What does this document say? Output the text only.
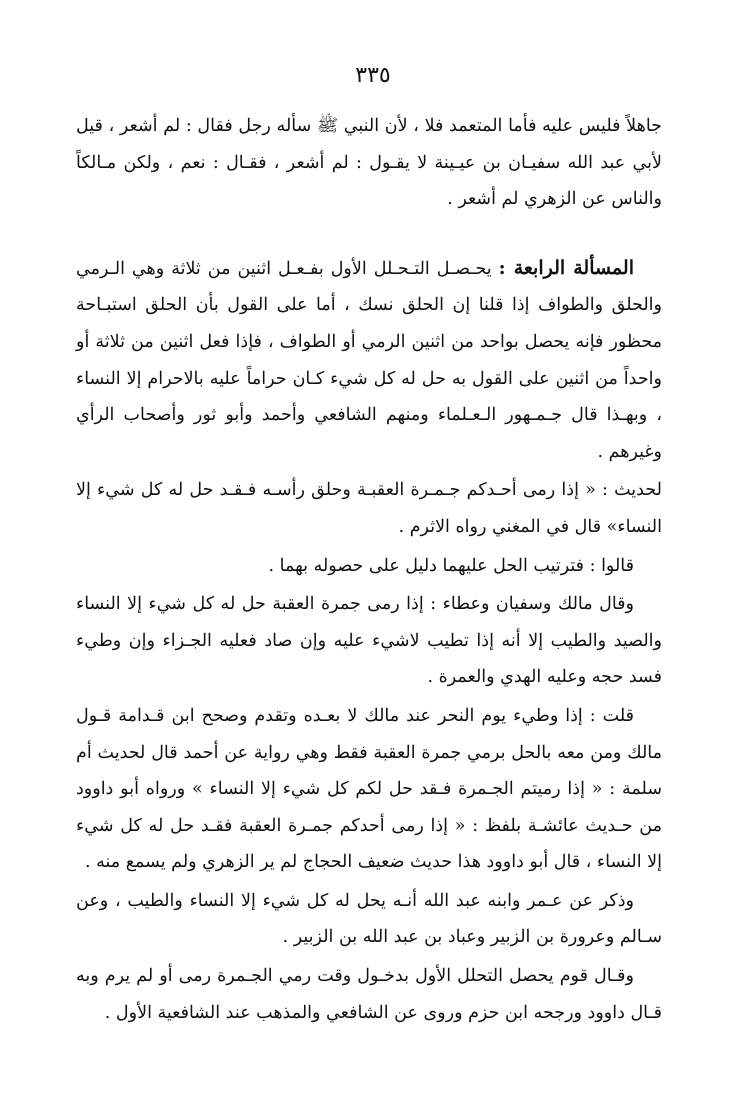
٣٣٥

جاهلاً فليس عليه فأما المتعمد فلا ، لأن النبي ﷺ سأله رجل فقال : لم أشعر ، قيل لأبي عبد الله سفيـان بن عيـينة لا يقـول : لم أشعر ، فقـال : نعم ، ولكن مـالكاً والناس عن الزهري لم أشعر .

المسألة الرابعة : يحـصـل التـحـلل الأول بفـعـل اثنين من ثلاثة وهي الـرمي والحلق والطواف إذا قلنا إن الحلق نسك ، أما على القول بأن الحلق استبـاحة محظور فإنه يحصل بواحد من اثنين الرمي أو الطواف ، فإذا فعل اثنين من ثلاثة أو واحداً من اثنين على القول به حل له كل شيء كـان حراماً عليه بالاحرام إلا النساء ، وبهـذا قال جـمـهور الـعـلماء ومنهم الشافعي وأحمد وأبو ثور وأصحاب الرأي وغيرهم .

لحديث : « إذا رمى أحـدكم جـمـرة العقبـة وحلق رأسـه فـقـد حل له كل شيء إلا النساء» قال في المغني رواه الاثرم .

قالوا : فترتيب الحل عليهما دليل على حصوله بهما .

وقال مالك وسفيان وعطاء : إذا رمى جمرة العقبة حل له كل شيء إلا النساء والصيد والطيب إلا أنه إذا تطيب لاشيء عليه وإن صاد فعليه الجـزاء وإن وطيء فسد حجه وعليه الهدي والعمرة .

قلت : إذا وطيء يوم النحر عند مالك لا بعـده وتقدم وصحح ابن قـدامة قـول مالك ومن معه بالحل برمي جمرة العقبة فقط وهي رواية عن أحمد قال لحديث أم سلمة : « إذا رميتم الجـمرة فـقد حل لكم كل شيء إلا النساء » ورواه أبو داوود من حـديث عائشـة بلفظ : « إذا رمى أحدكم جمـرة العقبة فقـد حل له كل شيء إلا النساء ، قال أبو داوود هذا حديث ضعيف الحجاج لم ير الزهري ولم يسمع منه .

وذكر عن عـمر وابنه عبد الله أنـه يحل له كل شيء إلا النساء والطيب ، وعن سـالم وعرورة بن الزبير وعباد بن عبد الله بن الزبير .

وقـال قوم يحصل التحلل الأول بدخـول وقت رمي الجـمرة رمى أو لم يرم وبه قـال داوود ورجحه ابن حزم وروى عن الشافعي والمذهب عند الشافعية الأول .
